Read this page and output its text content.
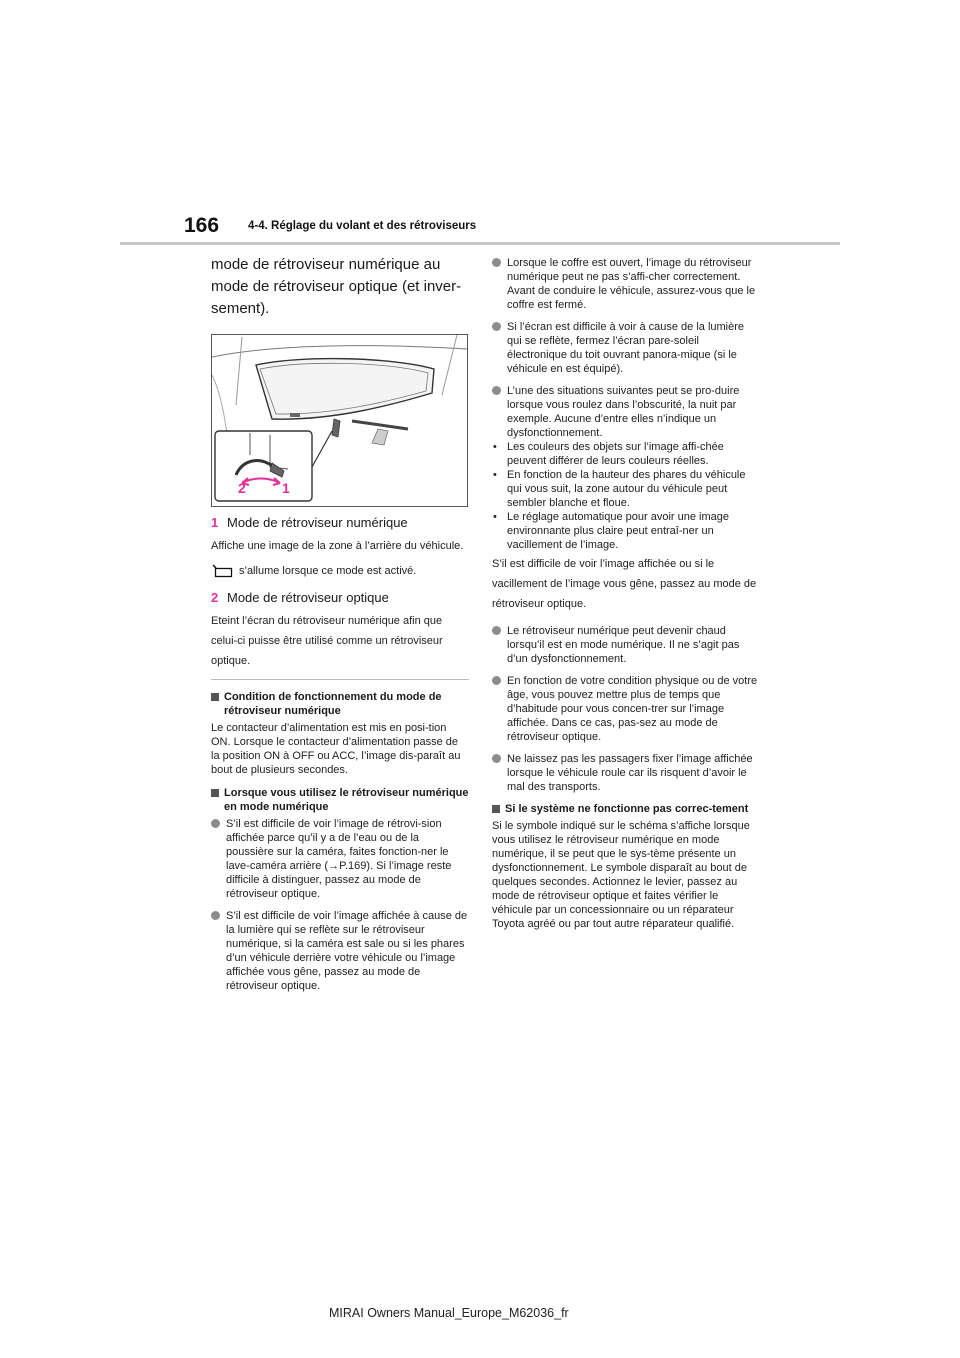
166	4-4. Réglage du volant et des rétroviseurs

mode de rétroviseur numérique au mode de rétroviseur optique (et inver-sement).

2	1
1 Mode de rétroviseur numérique

Affiche une image de la zone à l’arrière du véhicule.

s’allume lorsque ce mode est activé.
2 Mode de rétroviseur optique

Eteint l’écran du rétroviseur numérique afin que celui-ci puisse être utilisé comme un rétroviseur optique.

Condition de fonctionnement du mode de rétroviseur numérique

Le contacteur d’alimentation est mis en posi-tion ON. Lorsque le contacteur d’alimentation passe de la position ON à OFF ou ACC, l’image dis-paraît au bout de plusieurs secondes.

Lorsque vous utilisez le rétroviseur numérique en mode numérique
S’il est difficile de voir l’image de rétrovi-sion affichée parce qu’il y a de l’eau ou de la poussière sur la caméra, faites fonction-ner le lave-caméra arrière (→P.169). Si l’image reste difficile à distinguer, passez au mode de rétroviseur optique.
S’il est difficile de voir l’image affichée à cause de la lumière qui se reflète sur le rétroviseur numérique, si la caméra est sale ou si les phares d’un véhicule derrière votre véhicule ou l’image affichée vous gêne, passez au mode de rétroviseur optique.
Lorsque le coffre est ouvert, l’image du rétroviseur numérique peut ne pas s’affi-cher correctement. Avant de conduire le véhicule, assurez-vous que le coffre est fermé.
Si l’écran est difficile à voir à cause de la lumière qui se reflète, fermez l’écran pare-soleil électronique du toit ouvrant panora-mique (si le véhicule en est équipé).
L’une des situations suivantes peut se pro-duire lorsque vous roulez dans l’obscurité, la nuit par exemple. Aucune d’entre elles n’indique un dysfonctionnement.
• Les couleurs des objets sur l’image affi-chée peuvent différer de leurs couleurs réelles.
• En fonction de la hauteur des phares du véhicule qui vous suit, la zone autour du véhicule peut sembler blanche et floue.
• Le réglage automatique pour avoir une image environnante plus claire peut entraî-ner un vacillement de l’image.

S’il est difficile de voir l’image affichée ou si le vacillement de l’image vous gêne, passez au mode de rétroviseur optique.

Le rétroviseur numérique peut devenir chaud lorsqu’il est en mode numérique. Il ne s’agit pas d’un dysfonctionnement.
En fonction de votre condition physique ou de votre âge, vous pouvez mettre plus de temps que d’habitude pour vous concen-trer sur l’image affichée. Dans ce cas, pas-sez au mode de rétroviseur optique.
Ne laissez pas les passagers fixer l’image affichée lorsque le véhicule roule car ils risquent d’avoir le mal des transports.
Si le système ne fonctionne pas correc-tement

Si le symbole indiqué sur le schéma s’affiche lorsque vous utilisez le rétroviseur numérique en mode numérique, il se peut que le sys-tème présente un dysfonctionnement. Le symbole disparaît au bout de quelques secondes. Actionnez le levier, passez au mode de rétroviseur optique et faites vérifier le véhicule par un concessionnaire ou un réparateur Toyota agréé ou par tout autre réparateur qualifié.

MIRAI Owners Manual_Europe_M62036_fr
